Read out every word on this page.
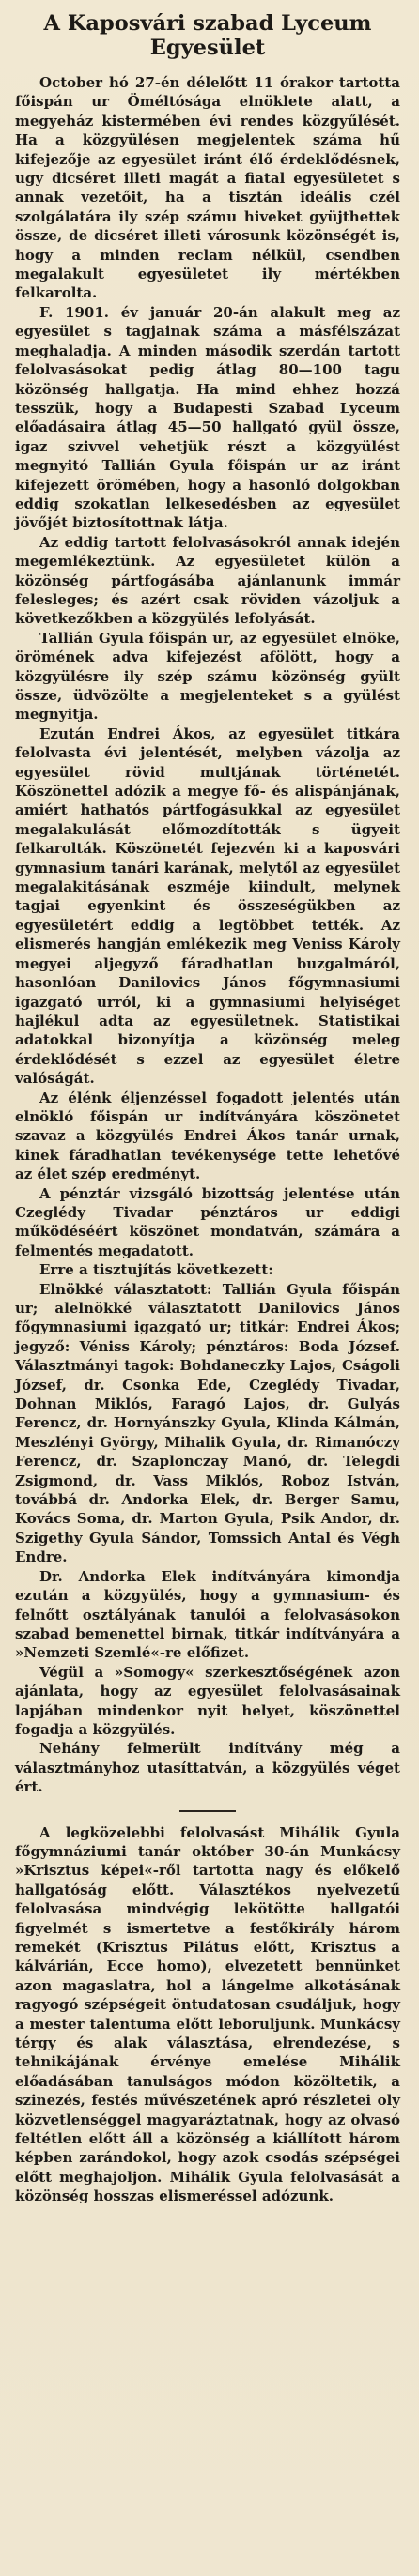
A Kaposvári szabad Lyceum
Egyesület

October hó 27-én délelőtt 11 órakor tartotta főispán ur Öméltósága elnöklete alatt, a megyeház kistermében évi rendes közgyűlését. Ha a közgyülésen megjelentek száma hű kifejezője az egyesület iránt élő érdeklődésnek, ugy dicséret illeti magát a fiatal egyesületet s annak vezetőit, ha a tisztán ideális czél szolgálatára ily szép számu hiveket gyüjthettek össze, de dicséret illeti városunk közönségét is, hogy a minden reclam nélkül, csendben megalakult egyesületet ily mértékben felkarolta.

F. 1901. év január 20-án alakult meg az egyesület s tagjainak száma a másfélszázat meghaladja. A minden második szerdán tartott felolvasásokat pedig átlag 80—100 tagu közönség hallgatja. Ha mind ehhez hozzá tesszük, hogy a Budapesti Szabad Lyceum előadásaira átlag 45—50 hallgató gyül össze, igaz szivvel vehetjük részt a közgyülést megnyitó Tallián Gyula főispán ur az iránt kifejezett örömében, hogy a hasonló dolgokban eddig szokatlan lelkesedésben az egyesület jövőjét biztosítottnak látja.

Az eddig tartott felolvasásokról annak idején megemlékeztünk. Az egyesületet külön a közönség pártfogásába ajánlanunk immár felesleges; és azért csak röviden vázoljuk a következőkben a közgyülés lefolyását.

Tallián Gyula főispán ur, az egyesület elnöke, örömének adva kifejezést afölött, hogy a közgyülésre ily szép számu közönség gyült össze, üdvözölte a megjelenteket s a gyülést megnyitja.

Ezután Endrei Ákos, az egyesület titkára felolvasta évi jelentését, melyben vázolja az egyesület rövid multjának történetét. Köszönettel adózik a megye fő- és alispánjának, amiért hathatós pártfogásukkal az egyesület megalakulását előmozdították s ügyeit felkarolták. Köszönetét fejezvén ki a kaposvári gymnasium tanári karának, melytől az egyesület megalakitásának eszméje kiindult, melynek tagjai egyenkint és összeségükben az egyesületért eddig a legtöbbet tették. Az elismerés hangján emlékezik meg Veniss Károly megyei aljegyző fáradhatlan buzgalmáról, hasonlóan Danilovics János főgymnasiumi igazgató urról, ki a gymnasiumi helyiséget hajlékul adta az egyesületnek. Statistikai adatokkal bizonyítja a közönség meleg érdeklődését s ezzel az egyesület életre valóságát.

Az élénk éljenzéssel fogadott jelentés után elnökló főispán ur indítványára köszönetet szavaz a közgyülés Endrei Ákos tanár urnak, kinek fáradhatlan tevékenysége tette lehetővé az élet szép eredményt.

A pénztár vizsgáló bizottság jelentése után Czeglédy Tivadar pénztáros ur eddigi működéséért köszönet mondatván, számára a felmentés megadatott.

Erre a tisztujítás következett:

Elnökké választatott: Tallián Gyula főispán ur; alelnökké választatott Danilovics János főgymnasiumi igazgató ur; titkár: Endrei Ákos; jegyző: Véniss Károly; pénztáros: Boda József. Választmányi tagok: Bohdaneczky Lajos, Cságoli József, dr. Csonka Ede, Czeglédy Tivadar, Dohnan Miklós, Faragó Lajos, dr. Gulyás Ferencz, dr. Hornyánszky Gyula, Klinda Kálmán, Meszlényi György, Mihalik Gyula, dr. Rimanóczy Ferencz, dr. Szaplonczay Manó, dr. Telegdi Zsigmond, dr. Vass Miklós, Roboz István, továbbá dr. Andorka Elek, dr. Berger Samu, Kovács Soma, dr. Marton Gyula, Psik Andor, dr. Szigethy Gyula Sándor, Tomssich Antal és Végh Endre.

Dr. Andorka Elek indítványára kimondja ezután a közgyülés, hogy a gymnasium- és felnőtt osztályának tanulói a felolvasásokon szabad bemenettel birnak, titkár indítványára a »Nemzeti Szemlé«-re előfizet.

Végül a »Somogy« szerkesztőségének azon ajánlata, hogy az egyesület felolvasásainak lapjában mindenkor nyit helyet, köszönettel fogadja a közgyülés.

Nehány felmerült indítvány még a választmányhoz utasíttatván, a közgyülés véget ért.

A legközelebbi felolvasást Mihálik Gyula főgymnáziumi tanár október 30-án Munkácsy »Krisztus képei«-ről tartotta nagy és előkelő hallgatóság előtt. Választékos nyelvezetű felolvasása mindvégig lekötötte hallgatói figyelmét s ismertetve a festőkirály három remekét (Krisztus Pilátus előtt, Krisztus a kálvárián, Ecce homo), elvezetett bennünket azon magaslatra, hol a lángelme alkotásának ragyogó szépségeit öntudatosan csudáljuk, hogy a mester talentuma előtt leboruljunk. Munkácsy térgy és alak választása, elrendezése, s tehnikájának érvénye emelése Mihálik előadásában tanulságos módon közöltetik, a szinezés, festés művészetének apró részletei oly közvetlenséggel magyaráztatnak, hogy az olvasó feltétlen előtt áll a közönség a kiállított három képben zarándokol, hogy azok csodás szépségei előtt meghajoljon. Mihálik Gyula felolvasását a közönség hosszas elismeréssel adózunk.
